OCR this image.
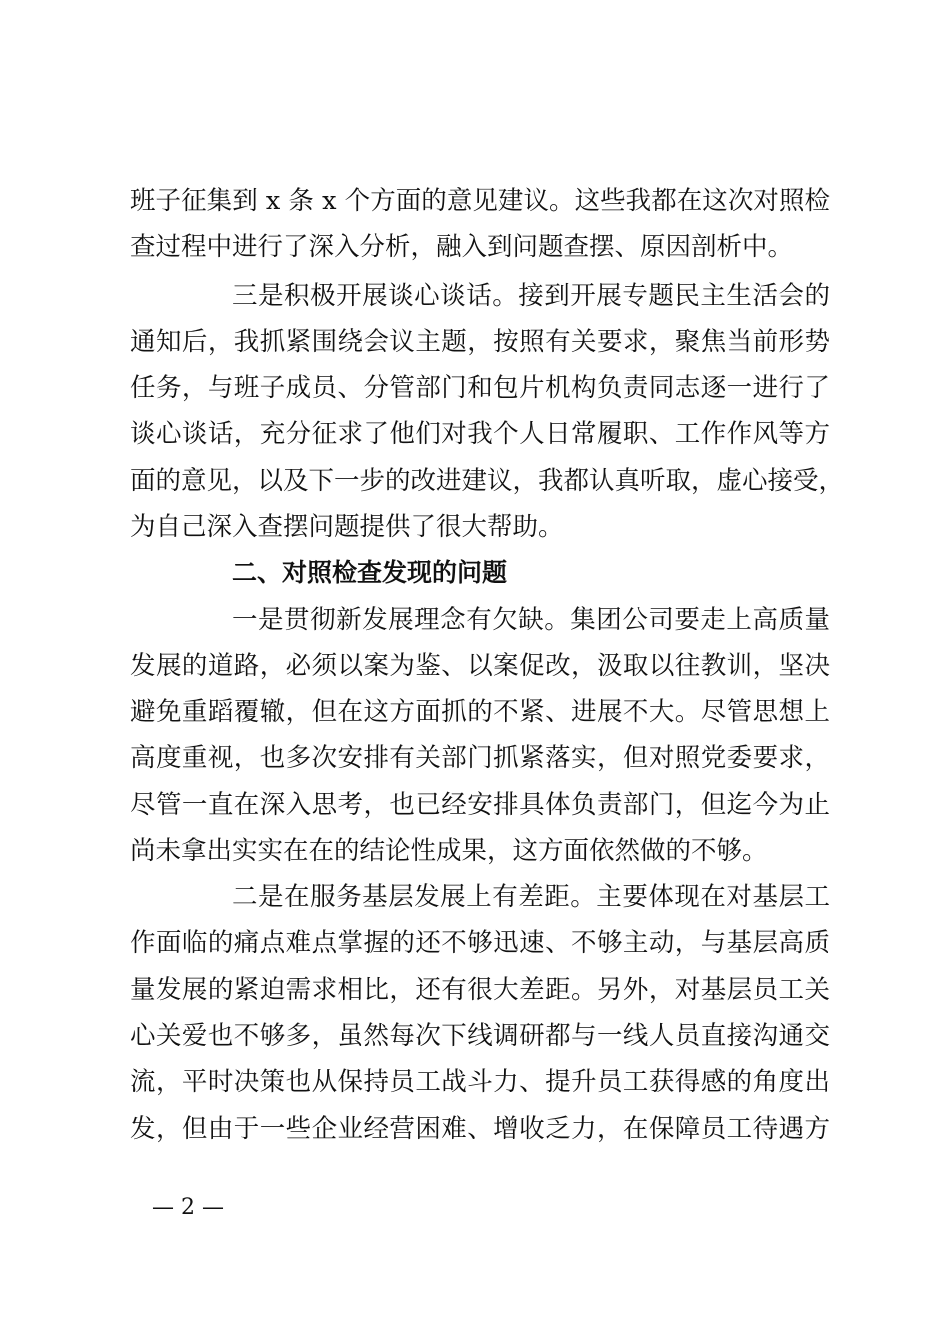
班子征集到 x 条 x 个方面的意见建议。这些我都在这次对照检
查过程中进行了深入分析，融入到问题查摆、原因剖析中。
三是积极开展谈心谈话。接到开展专题民主生活会的
通知后，我抓紧围绕会议主题，按照有关要求，聚焦当前形势
任务，与班子成员、分管部门和包片机构负责同志逐一进行了
谈心谈话，充分征求了他们对我个人日常履职、工作作风等方
面的意见，以及下一步的改进建议，我都认真听取，虚心接受，
为自己深入查摆问题提供了很大帮助。
二、对照检查发现的问题
一是贯彻新发展理念有欠缺。集团公司要走上高质量
发展的道路，必须以案为鉴、以案促改，汲取以往教训，坚决
避免重蹈覆辙，但在这方面抓的不紧、进展不大。尽管思想上
高度重视，也多次安排有关部门抓紧落实，但对照党委要求，
尽管一直在深入思考，也已经安排具体负责部门，但迄今为止
尚未拿出实实在在的结论性成果，这方面依然做的不够。
二是在服务基层发展上有差距。主要体现在对基层工
作面临的痛点难点掌握的还不够迅速、不够主动，与基层高质
量发展的紧迫需求相比，还有很大差距。另外，对基层员工关
心关爱也不够多，虽然每次下线调研都与一线人员直接沟通交
流，平时决策也从保持员工战斗力、提升员工获得感的角度出
发，但由于一些企业经营困难、增收乏力，在保障员工待遇方
— 2 —
